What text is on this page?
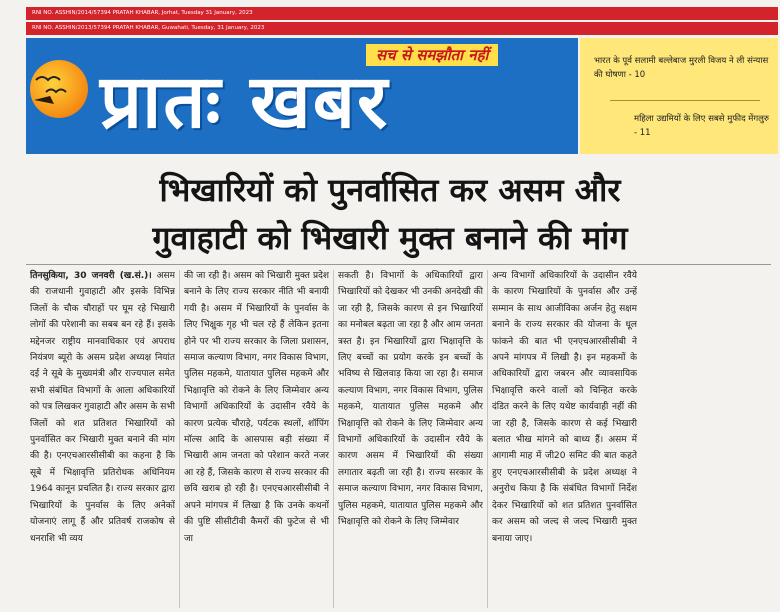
RNI NO. ASSHIN/2014/57394 PRATAH KHABAR, Jorhat, Tuesday 31 January, 2023
RNI NO. ASSHIN/2013/57394 PRATAH KHABAR, Guwahati, Tuesday, 31 January, 2023
सच से समझौता नहीं
प्रातः खबर	भारत के पूर्व सलामी बल्लेबाज मुरली विजय ने ली संन्यास की घोषणा - 10
महिला उद्यमियों के लिए सबसे मुफीद मेंगलुरु - 11
भिखारियों को पुनर्वासित कर असम और
गुवाहाटी को भिखारी मुक्त बनाने की मांग
तिनसुकिया, 30 जनवरी (ख.सं.)। असम की राजधानी गुवाहाटी और इसके विभिन्न जिलों के चौक चौराहों पर घूम रहे भिखारी लोगों की परेशानी का सबब बन रहे हैं। इसके मद्देनजर राष्ट्रीय मानवाधिकार एवं अपराध नियंत्रण ब्यूरो के असम प्रदेश अध्यक्ष नियांत दई ने सूबे के मुख्यमंत्री और राज्यपाल समेत सभी संबंधित विभागों के आला अधिकारियों को पत्र लिखकर गुवाहाटी और असम के सभी जिलों को शत प्रतिशत भिखारियों को पुनर्वासित कर भिखारी मुक्त बनाने की मांग की है। एनएचआरसीसीबी का कहना है कि सूबे में भिक्षावृत्ति प्रतिरोधक अधिनियम 1964 कानून प्रचलित है। राज्य सरकार द्वारा भिखारियों के पुनर्वास के लिए अनेकों योजनाएं लागू हैं और प्रतिवर्ष राजकोष से धनराशि भी व्यय
की जा रही है। असम को भिखारी मुक्त प्रदेश बनाने के लिए राज्य सरकार नीति भी बनायी गयी है। असम में भिखारियों के पुनर्वास के लिए भिक्षुक गृह भी चल रहे हैं लेकिन इतना होने पर भी राज्य सरकार के जिला प्रशासन, समाज कल्याण विभाग, नगर विकास विभाग, पुलिस महकमे, यातायात पुलिस महकमे और भिक्षावृत्ति को रोकने के लिए जिम्मेवार अन्य विभागों अधिकारियों के उदासीन रवैये के कारण प्रत्येक चौराहे, पर्यटक स्थलों, शॉपिंग मॉल्स आदि के आसपास बड़ी संख्या में भिखारी आम जनता को परेशान करते नजर आ रहे हैं, जिसके कारण से राज्य सरकार की छवि खराब हो रही है। एनएचआरसीसीबी ने अपने मांगपत्र में लिखा है कि उनके कथनों की पुष्टि सीसीटीवी कैमरों की फुटेज से भी जा
सकती है। विभागों के अधिकारियों द्वारा भिखारियों को देखकर भी उनकी अनदेखी की जा रही है, जिसके कारण से इन भिखारियों का मनोबल बढ़ता जा रहा है और आम जनता त्रस्त है। इन भिखारियों द्वारा भिक्षावृत्ति के लिए बच्चों का प्रयोग करके इन बच्चों के भविष्य से खिलवाड़ किया जा रहा है। समाज कल्याण विभाग, नगर विकास विभाग, पुलिस महकमे, यातायात पुलिस महकमे और भिक्षावृत्ति को रोकने के लिए जिम्मेवार अन्य विभागों अधिकारियों के उदासीन रवैये के कारण असम में भिखारियों की संख्या लगातार बढ़ती जा रही है। राज्य सरकार के समाज कल्याण विभाग, नगर विकास विभाग, पुलिस महकमे, यातायात पुलिस महकमे और भिक्षावृत्ति को रोकने के लिए जिम्मेवार
अन्य विभागों अधिकारियों के उदासीन रवैये के कारण भिखारियों के पुनर्वास और उन्हें सम्मान के साथ आजीविका अर्जन हेतु सक्षम बनाने के राज्य सरकार की योजना के धूल फांकने की बात भी एनएचआरसीसीबी ने अपने मांगपत्र में लिखी है। इन महकमों के अधिकारियों द्वारा जबरन और व्यावसायिक भिक्षावृत्ति करने वालों को चिन्हित करके दंडित करने के लिए यथेष्ट कार्यवाही नहीं की जा रही है, जिसके कारण से कई भिखारी बलात भीख मांगने को बाध्य हैं। असम में आगामी माह में जी20 समिट की बात कहते हुए एनएचआरसीसीबी के प्रदेश अध्यक्ष ने अनुरोध किया है कि संबंधित विभागों निर्देश देकर भिखारियों को शत प्रतिशत पुनर्वासित कर असम को जल्द से जल्द भिखारी मुक्त बनाया जाए।
